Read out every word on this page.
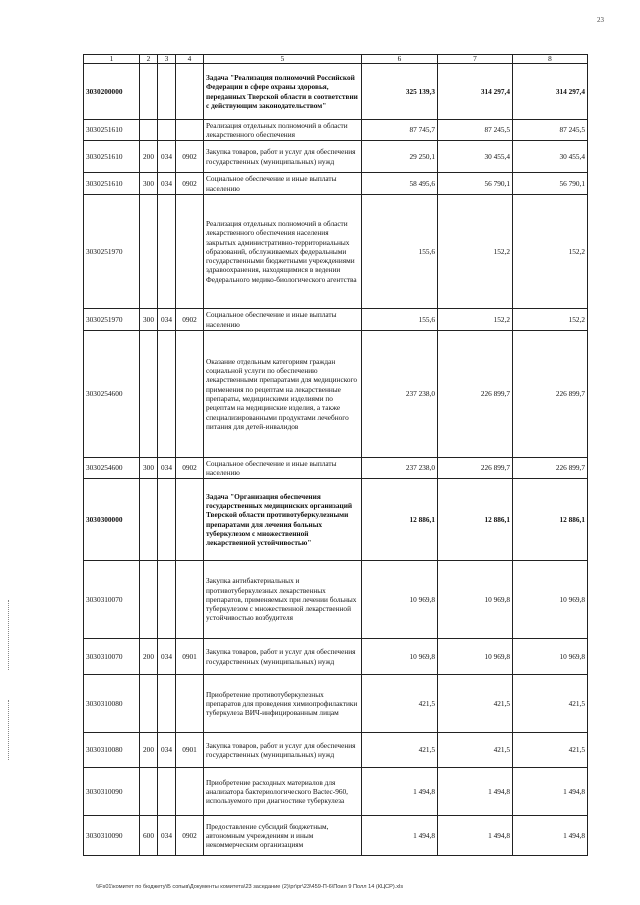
23
1	2	3	4	5	6	7	8
3030200000				Задача "Реализация полномочий Российской Федерации в сфере охраны здоровья, переданных Тверской области в соответствии с действующим законодательством"	325 139,3	314 297,4	314 297,4
3030251610				Реализация отдельных полномочий в области лекарственного обеспечения	87 745,7	87 245,5	87 245,5
3030251610	200	034	0902	Закупка товаров, работ и услуг для обеспечения государственных (муниципальных) нужд	29 250,1	30 455,4	30 455,4
3030251610	300	034	0902	Социальное обеспечение и иные выплаты населению	58 495,6	56 790,1	56 790,1
3030251970				Реализация отдельных полномочий в области лекарственного обеспечения населения закрытых административно-территориальных образований, обслуживаемых федеральными государственными бюджетными учреждениями здравоохранения, находящимися в ведении Федерального медико-биологического агентства	155,6	152,2	152,2
3030251970	300	034	0902	Социальное обеспечение и иные выплаты населению	155,6	152,2	152,2
3030254600				Оказание отдельным категориям граждан социальной услуги по обеспечению лекарственными препаратами для медицинского применения по рецептам на лекарственные препараты, медицинскими изделиями по рецептам на медицинские изделия, а также специализированными продуктами лечебного питания для детей-инвалидов	237 238,0	226 899,7	226 899,7
3030254600	300	034	0902	Социальное обеспечение и иные выплаты населению	237 238,0	226 899,7	226 899,7
3030300000				Задача "Организация обеспечения государственных медицинских организаций Тверской области противотуберкулезными препаратами для лечения больных туберкулезом с множественной лекарственной устойчивостью"	12 886,1	12 886,1	12 886,1
3030310070				Закупка антибактериальных и противотуберкулезных лекарственных препаратов, применяемых при лечении больных туберкулезом с множественной лекарственной устойчивостью возбудителя	10 969,8	10 969,8	10 969,8
3030310070	200	034	0901	Закупка товаров, работ и услуг для обеспечения государственных (муниципальных) нужд	10 969,8	10 969,8	10 969,8
3030310080				Приобретение противотуберкулезных препаратов для проведения химиопрофилактики туберкулеза ВИЧ-инфицированным лицам	421,5	421,5	421,5
3030310080	200	034	0901	Закупка товаров, работ и услуг для обеспечения государственных (муниципальных) нужд	421,5	421,5	421,5
3030310090				Приобретение расходных материалов для анализатора бактериологического Bactec-960, используемого при диагностике туберкулеза	1 494,8	1 494,8	1 494,8
3030310090	600	034	0902	Предоставление субсидий бюджетным, автономным учреждениям и иным некоммерческим организациям	1 494,8	1 494,8	1 494,8
\\Fs01\комитет по бюджету\Б сопыв\Документы комитета\23 заседание (2)\рг\рг\23\459-П-6\Поил 9 Полл 14 (КЦСР).xls
